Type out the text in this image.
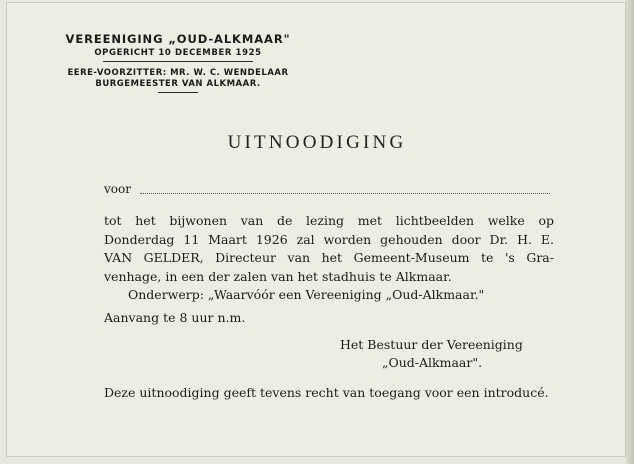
VEREENIGING „OUD-ALKMAAR"
OPGERICHT 10 DECEMBER 1925
EERE-VOORZITTER: MR. W. C. WENDELAAR
BURGEMEESTER VAN ALKMAAR.
UITNOODIGING
voor
tot het bijwonen van de lezing met lichtbeelden welke op
Donderdag 11 Maart 1926 zal worden gehouden door Dr. H. E.
VAN GELDER, Directeur van het Gemeent-Museum te 's Gra-
venhage, in een der zalen van het stadhuis te Alkmaar.
Onderwerp: „Waarvóór een Vereeniging „Oud-Alkmaar."
Aanvang te 8 uur n.m.
Het Bestuur der Vereeniging
„Oud-Alkmaar".
Deze uitnoodiging geeft tevens recht van toegang voor een introducé.
